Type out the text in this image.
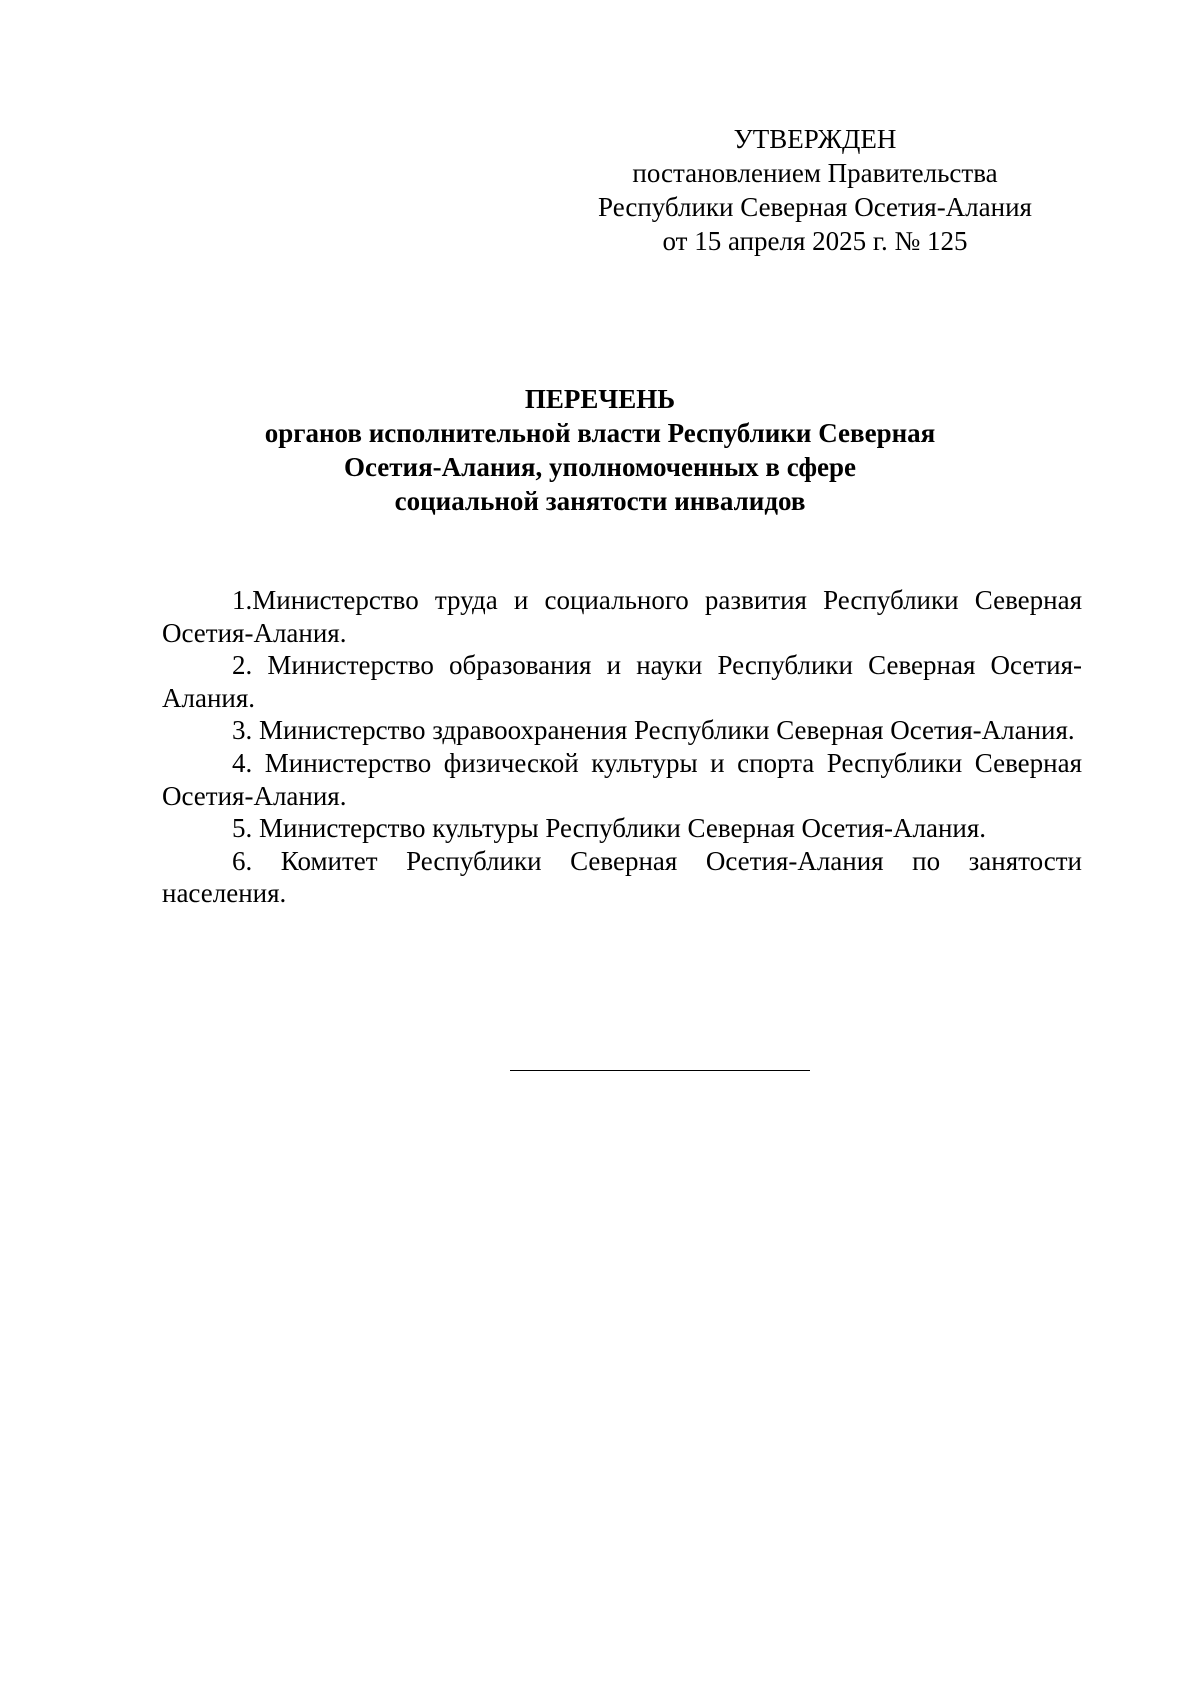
УТВЕРЖДЕН
постановлением Правительства
Республики Северная Осетия-Алания
от 15 апреля 2025 г. № 125
ПЕРЕЧЕНЬ
органов исполнительной власти Республики Северная
Осетия-Алания, уполномоченных в сфере
социальной занятости инвалидов

1.Министерство труда и социального развития Республики Северная Осетия-Алания.

2. Министерство образования и науки Республики Северная Осетия-Алания.

3. Министерство здравоохранения Республики Северная Осетия-Алания.

4. Министерство физической культуры и спорта Республики Северная Осетия-Алания.

5. Министерство культуры Республики Северная Осетия-Алания.

6. Комитет Республики Северная Осетия-Алания по занятости населения.
